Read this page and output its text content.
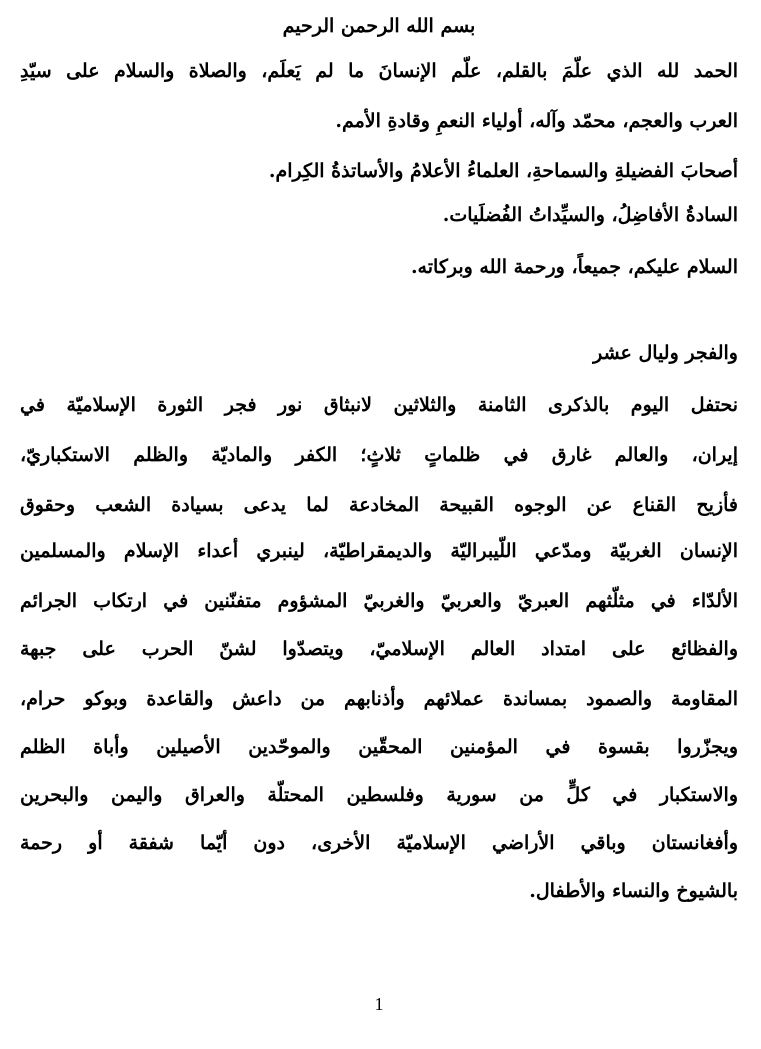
بسم الله الرحمن الرحيم
الحمد لله الذي علّمَ بالقلم، علّم الإنسانَ ما لم يَعلَم، والصلاة والسلام على سيّدِ
العرب والعجم، محمّد وآله، أولياء النعمِ وقادةِ الأمم.
أصحابَ الفضيلةِ والسماحةِ، العلماءُ الأعلامُ والأساتذةُ الكِرام.
السادةُ الأفاضِلُ، والسيِّداتُ الفُضلَيات.
السلام عليكم، جميعاً، ورحمة الله وبركاته.
والفجر وليال عشر
نحتفل اليوم بالذكرى الثامنة والثلاثين لانبثاق نور فجر الثورة الإسلاميّة في
إيران، والعالم غارق في ظلماتٍ ثلاثٍ؛ الكفر والماديّة والظلم الاستكباريّ،
فأزيح القناع عن الوجوه القبيحة المخادعة لما يدعى بسيادة الشعب وحقوق
الإنسان الغربيّة ومدّعي اللّيبراليّة والديمقراطيّة، لينبري أعداء الإسلام والمسلمين
الألدّاء في مثلّثهم العبريّ والعربيّ والغربيّ المشؤوم متفنّنين في ارتكاب الجرائم
والفظائع على امتداد العالم الإسلاميّ، ويتصدّوا لشنّ الحرب على جبهة
المقاومة والصمود بمساندة عملائهم وأذنابهم من داعش والقاعدة وبوكو حرام،
ويجزّروا بقسوة في المؤمنين المحقّين والموحّدين الأصيلين وأباة الظلم
والاستكبار في كلٍّ من سورية وفلسطين المحتلّة والعراق واليمن والبحرين
وأفغانستان وباقي الأراضي الإسلاميّة الأخرى، دون أيّما شفقة أو رحمة
بالشيوخ والنساء والأطفال.
1
